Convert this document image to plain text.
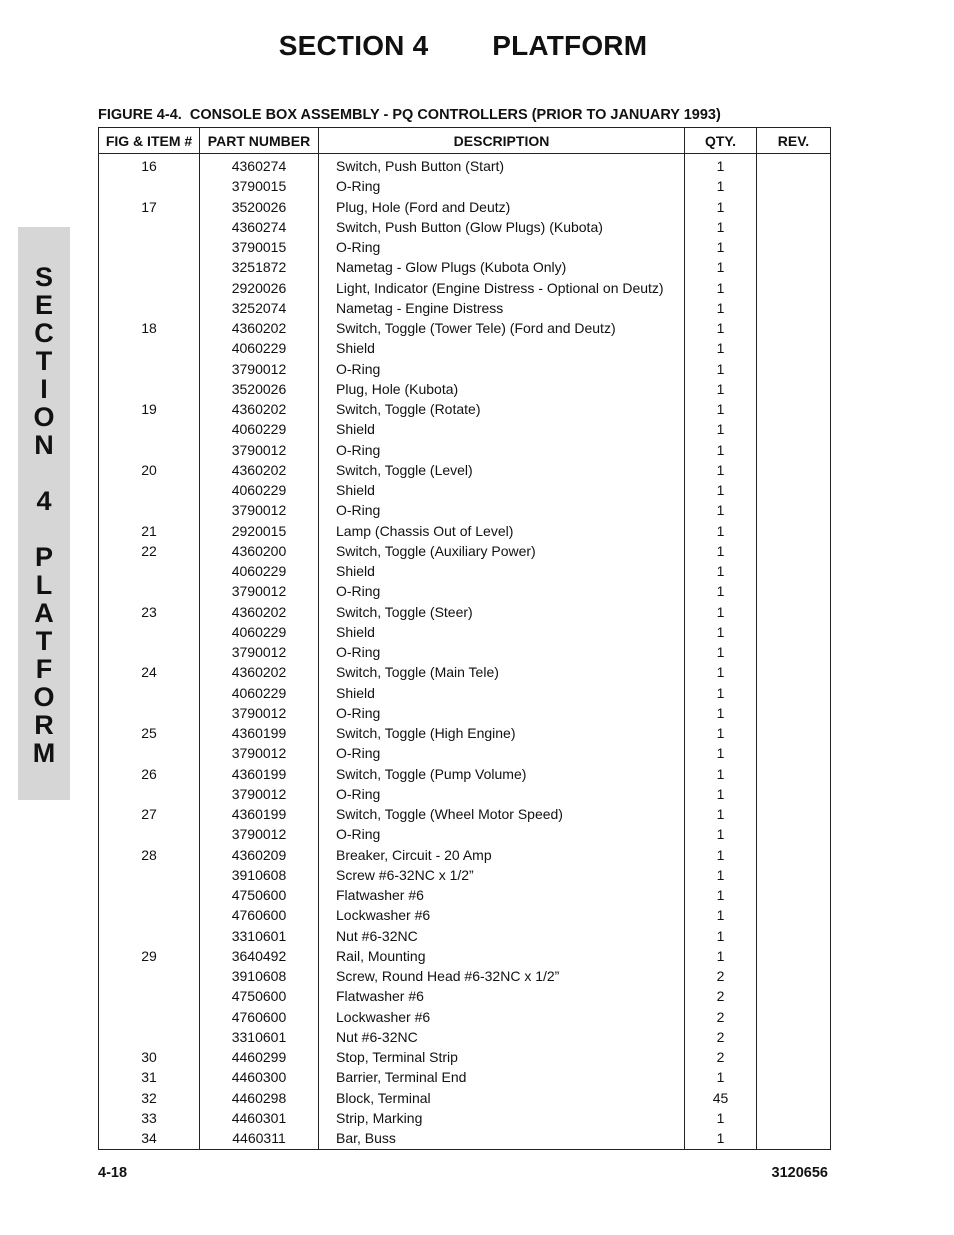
SECTION 4        PLATFORM
S
E
C
T
I
O
N
4
P
L
A
T
F
O
R
M
FIGURE 4-4.  CONSOLE BOX ASSEMBLY - PQ CONTROLLERS (PRIOR TO JANUARY 1993)
FIG & ITEM #	PART NUMBER	DESCRIPTION	QTY.	REV.
16	4360274	Switch, Push Button (Start)	1	
	3790015	O-Ring	1	
17	3520026	Plug, Hole (Ford and Deutz)	1	
	4360274	Switch, Push Button (Glow Plugs) (Kubota)	1	
	3790015	O-Ring	1	
	3251872	Nametag - Glow Plugs (Kubota Only)	1	
	2920026	Light, Indicator (Engine Distress - Optional on Deutz)	1	
	3252074	Nametag - Engine Distress	1	
18	4360202	Switch, Toggle (Tower Tele) (Ford and Deutz)	1	
	4060229	Shield	1	
	3790012	O-Ring	1	
	3520026	Plug, Hole (Kubota)	1	
19	4360202	Switch, Toggle (Rotate)	1	
	4060229	Shield	1	
	3790012	O-Ring	1	
20	4360202	Switch, Toggle (Level)	1	
	4060229	Shield	1	
	3790012	O-Ring	1	
21	2920015	Lamp (Chassis Out of Level)	1	
22	4360200	Switch, Toggle (Auxiliary Power)	1	
	4060229	Shield	1	
	3790012	O-Ring	1	
23	4360202	Switch, Toggle (Steer)	1	
	4060229	Shield	1	
	3790012	O-Ring	1	
24	4360202	Switch, Toggle (Main Tele)	1	
	4060229	Shield	1	
	3790012	O-Ring	1	
25	4360199	Switch, Toggle (High Engine)	1	
	3790012	O-Ring	1	
26	4360199	Switch, Toggle (Pump Volume)	1	
	3790012	O-Ring	1	
27	4360199	Switch, Toggle (Wheel Motor Speed)	1	
	3790012	O-Ring	1	
28	4360209	Breaker, Circuit - 20 Amp	1	
	3910608	Screw #6-32NC x 1/2”	1	
	4750600	Flatwasher #6	1	
	4760600	Lockwasher #6	1	
	3310601	Nut #6-32NC	1	
29	3640492	Rail, Mounting	1	
	3910608	Screw, Round Head #6-32NC x 1/2”	2	
	4750600	Flatwasher #6	2	
	4760600	Lockwasher #6	2	
	3310601	Nut #6-32NC	2	
30	4460299	Stop, Terminal Strip	2	
31	4460300	Barrier, Terminal End	1	
32	4460298	Block, Terminal	45	
33	4460301	Strip, Marking	1	
34	4460311	Bar, Buss	1	
4-18	3120656
